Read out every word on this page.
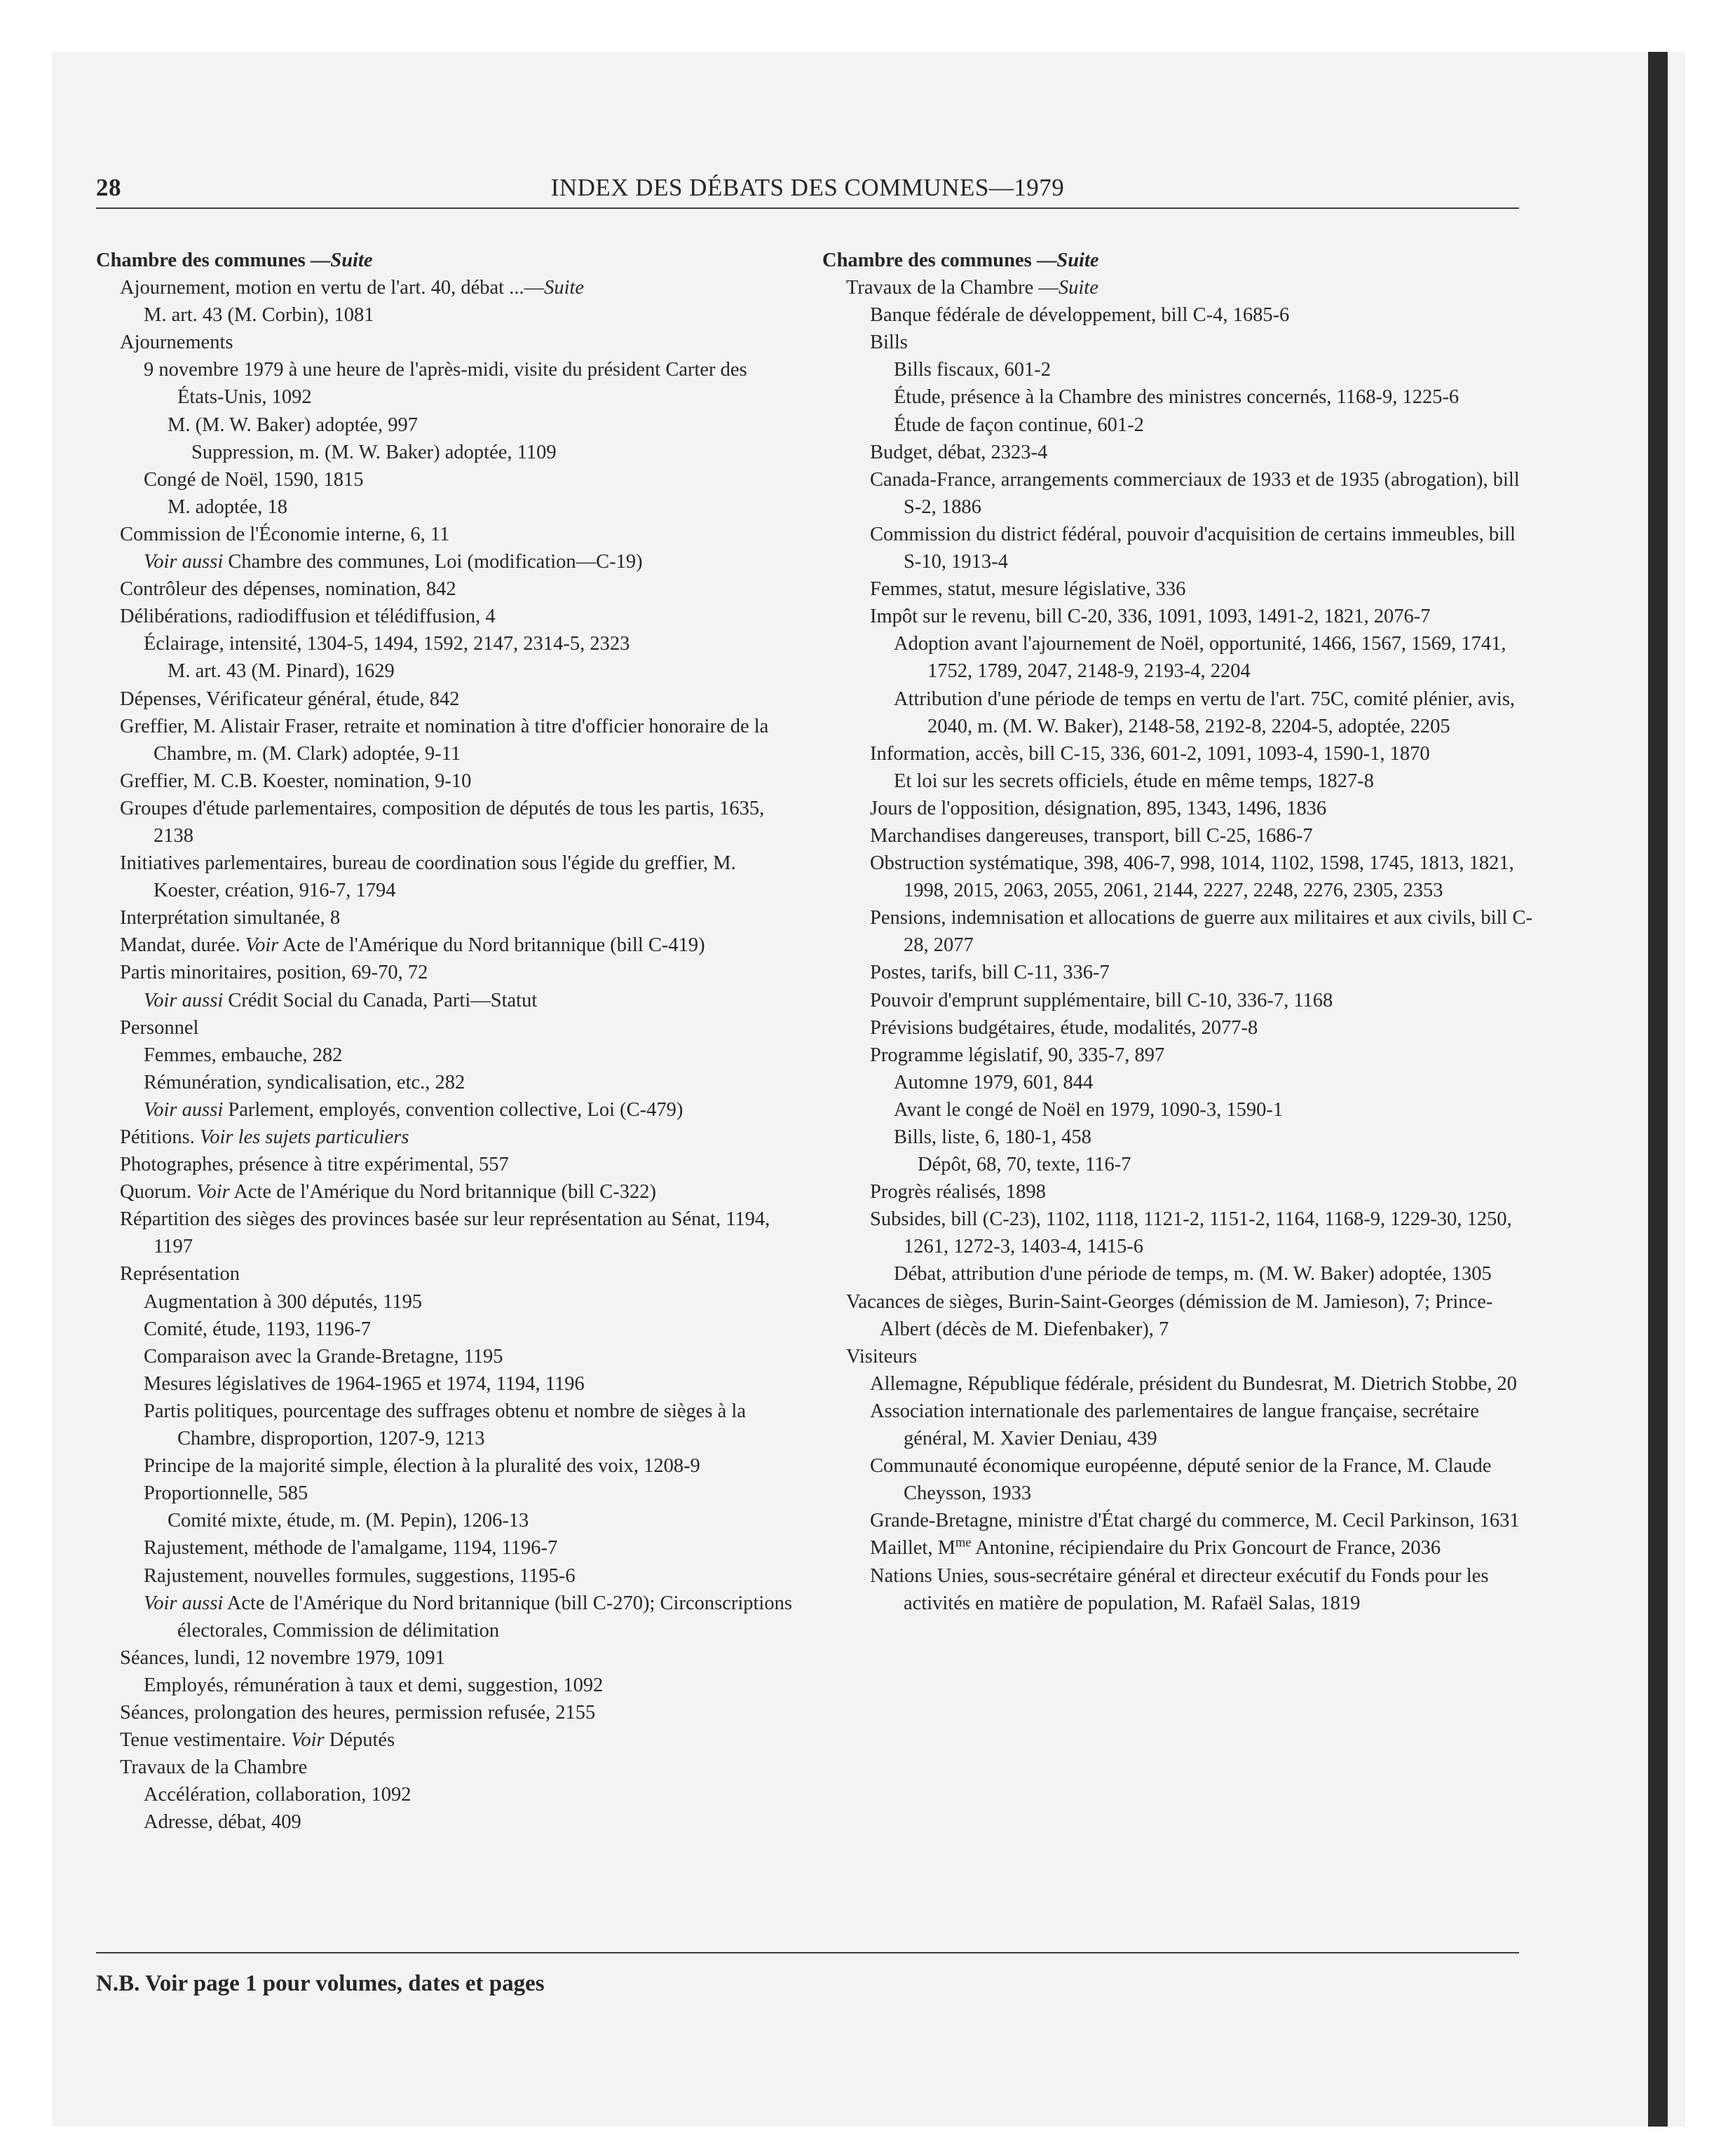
28	INDEX DES DÉBATS DES COMMUNES—1979
Chambre des communes —Suite
Ajournement, motion en vertu de l'art. 40, débat ...—Suite
M. art. 43 (M. Corbin), 1081
Ajournements
9 novembre 1979 à une heure de l'après-midi, visite du président Carter des États-Unis, 1092
M. (M. W. Baker) adoptée, 997
Suppression, m. (M. W. Baker) adoptée, 1109
Congé de Noël, 1590, 1815
M. adoptée, 18
Commission de l'Économie interne, 6, 11
Voir aussi Chambre des communes, Loi (modification—C-19)
Contrôleur des dépenses, nomination, 842
Délibérations, radiodiffusion et télédiffusion, 4
Éclairage, intensité, 1304-5, 1494, 1592, 2147, 2314-5, 2323
M. art. 43 (M. Pinard), 1629
Dépenses, Vérificateur général, étude, 842
Greffier, M. Alistair Fraser, retraite et nomination à titre d'officier honoraire de la Chambre, m. (M. Clark) adoptée, 9-11
Greffier, M. C.B. Koester, nomination, 9-10
Groupes d'étude parlementaires, composition de députés de tous les partis, 1635, 2138
Initiatives parlementaires, bureau de coordination sous l'égide du greffier, M. Koester, création, 916-7, 1794
Interprétation simultanée, 8
Mandat, durée. Voir Acte de l'Amérique du Nord britannique (bill C-419)
Partis minoritaires, position, 69-70, 72
Voir aussi Crédit Social du Canada, Parti—Statut
Personnel
Femmes, embauche, 282
Rémunération, syndicalisation, etc., 282
Voir aussi Parlement, employés, convention collective, Loi (C-479)
Pétitions. Voir les sujets particuliers
Photographes, présence à titre expérimental, 557
Quorum. Voir Acte de l'Amérique du Nord britannique (bill C-322)
Répartition des sièges des provinces basée sur leur représentation au Sénat, 1194, 1197
Représentation
Augmentation à 300 députés, 1195
Comité, étude, 1193, 1196-7
Comparaison avec la Grande-Bretagne, 1195
Mesures législatives de 1964-1965 et 1974, 1194, 1196
Partis politiques, pourcentage des suffrages obtenu et nombre de sièges à la Chambre, disproportion, 1207-9, 1213
Principe de la majorité simple, élection à la pluralité des voix, 1208-9
Proportionnelle, 585
Comité mixte, étude, m. (M. Pepin), 1206-13
Rajustement, méthode de l'amalgame, 1194, 1196-7
Rajustement, nouvelles formules, suggestions, 1195-6
Voir aussi Acte de l'Amérique du Nord britannique (bill C-270); Circonscriptions électorales, Commission de délimitation
Séances, lundi, 12 novembre 1979, 1091
Employés, rémunération à taux et demi, suggestion, 1092
Séances, prolongation des heures, permission refusée, 2155
Tenue vestimentaire. Voir Députés
Travaux de la Chambre
Accélération, collaboration, 1092
Adresse, débat, 409
Chambre des communes —Suite
Travaux de la Chambre —Suite
Banque fédérale de développement, bill C-4, 1685-6
Bills
Bills fiscaux, 601-2
Étude, présence à la Chambre des ministres concernés, 1168-9, 1225-6
Étude de façon continue, 601-2
Budget, débat, 2323-4
Canada-France, arrangements commerciaux de 1933 et de 1935 (abrogation), bill S-2, 1886
Commission du district fédéral, pouvoir d'acquisition de certains immeubles, bill S-10, 1913-4
Femmes, statut, mesure législative, 336
Impôt sur le revenu, bill C-20, 336, 1091, 1093, 1491-2, 1821, 2076-7
Adoption avant l'ajournement de Noël, opportunité, 1466, 1567, 1569, 1741, 1752, 1789, 2047, 2148-9, 2193-4, 2204
Attribution d'une période de temps en vertu de l'art. 75C, comité plénier, avis, 2040, m. (M. W. Baker), 2148-58, 2192-8, 2204-5, adoptée, 2205
Information, accès, bill C-15, 336, 601-2, 1091, 1093-4, 1590-1, 1870
Et loi sur les secrets officiels, étude en même temps, 1827-8
Jours de l'opposition, désignation, 895, 1343, 1496, 1836
Marchandises dangereuses, transport, bill C-25, 1686-7
Obstruction systématique, 398, 406-7, 998, 1014, 1102, 1598, 1745, 1813, 1821, 1998, 2015, 2063, 2055, 2061, 2144, 2227, 2248, 2276, 2305, 2353
Pensions, indemnisation et allocations de guerre aux militaires et aux civils, bill C-28, 2077
Postes, tarifs, bill C-11, 336-7
Pouvoir d'emprunt supplémentaire, bill C-10, 336-7, 1168
Prévisions budgétaires, étude, modalités, 2077-8
Programme législatif, 90, 335-7, 897
Automne 1979, 601, 844
Avant le congé de Noël en 1979, 1090-3, 1590-1
Bills, liste, 6, 180-1, 458
Dépôt, 68, 70, texte, 116-7
Progrès réalisés, 1898
Subsides, bill (C-23), 1102, 1118, 1121-2, 1151-2, 1164, 1168-9, 1229-30, 1250, 1261, 1272-3, 1403-4, 1415-6
Débat, attribution d'une période de temps, m. (M. W. Baker) adoptée, 1305
Vacances de sièges, Burin-Saint-Georges (démission de M. Jamieson), 7; Prince-Albert (décès de M. Diefenbaker), 7
Visiteurs
Allemagne, République fédérale, président du Bundesrat, M. Dietrich Stobbe, 20
Association internationale des parlementaires de langue française, secrétaire général, M. Xavier Deniau, 439
Communauté économique européenne, député senior de la France, M. Claude Cheysson, 1933
Grande-Bretagne, ministre d'État chargé du commerce, M. Cecil Parkinson, 1631
Maillet, $M^{me}$ Antonine, récipiendaire du Prix Goncourt de France, 2036
Nations Unies, sous-secrétaire général et directeur exécutif du Fonds pour les activités en matière de population, M. Rafaël Salas, 1819
N.B. Voir page 1 pour volumes, dates et pages
